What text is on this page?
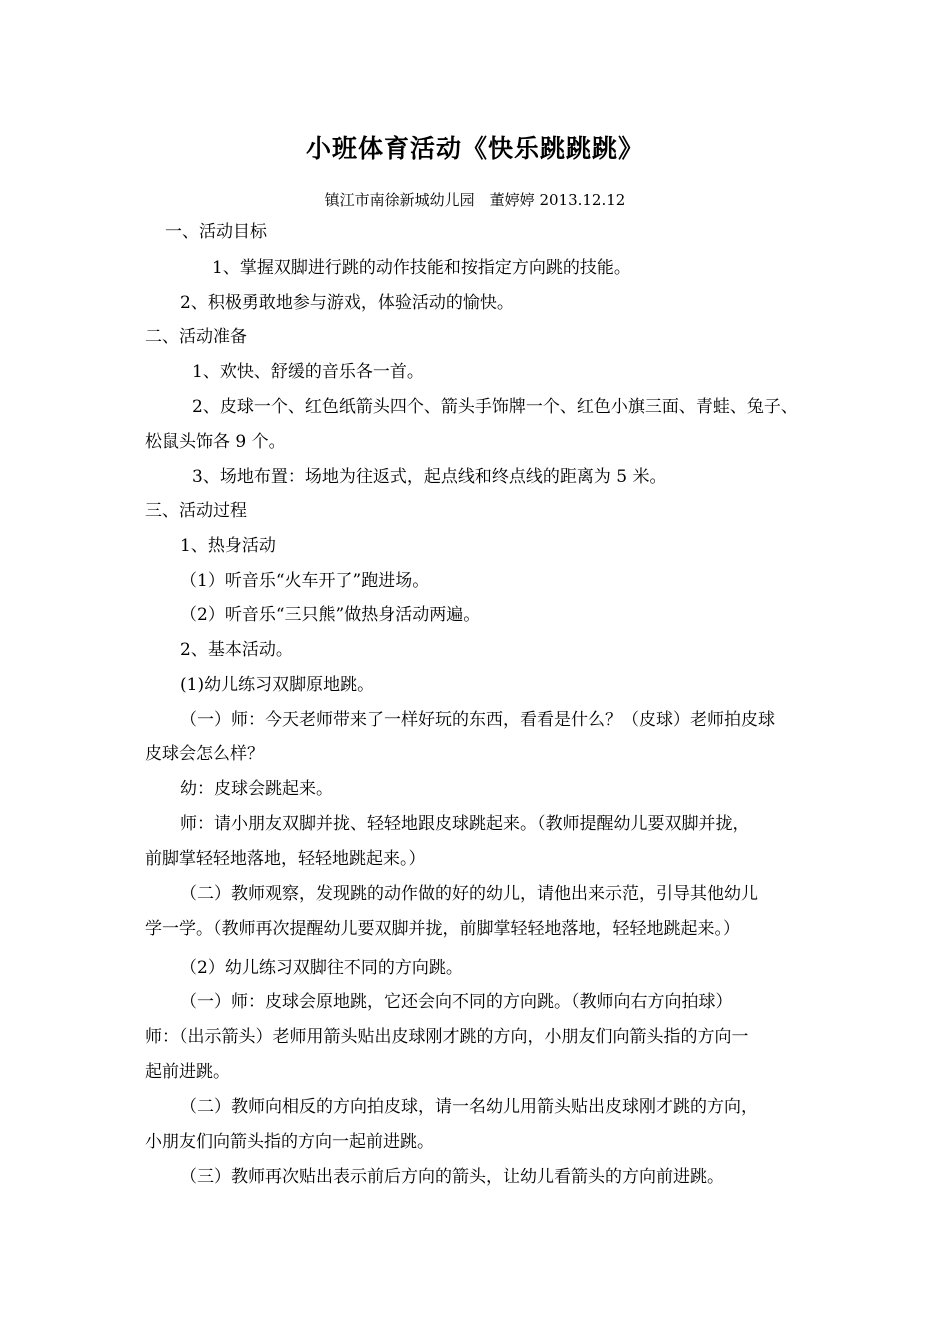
小班体育活动《快乐跳跳跳》
镇江市南徐新城幼儿园　董婷婷 2013.12.12
一、活动目标
1、掌握双脚进行跳的动作技能和按指定方向跳的技能。
2、积极勇敢地参与游戏，体验活动的愉快。
二、活动准备
1、欢快、舒缓的音乐各一首。
2、皮球一个、红色纸箭头四个、箭头手饰牌一个、红色小旗三面、青蛙、兔子、
松鼠头饰各 9 个。
3、场地布置：场地为往返式，起点线和终点线的距离为 5 米。
三、活动过程
1、热身活动
（1）听音乐“火车开了”跑进场。
（2）听音乐“三只熊”做热身活动两遍。
2、基本活动。
(1)幼儿练习双脚原地跳。
（一）师：今天老师带来了一样好玩的东西，看看是什么？（皮球）老师拍皮球
皮球会怎么样？
幼：皮球会跳起来。
师：请小朋友双脚并拢、轻轻地跟皮球跳起来。（教师提醒幼儿要双脚并拢，
前脚掌轻轻地落地，轻轻地跳起来。）
（二）教师观察，发现跳的动作做的好的幼儿，请他出来示范，引导其他幼儿
学一学。（教师再次提醒幼儿要双脚并拢，前脚掌轻轻地落地，轻轻地跳起来。）
（2）幼儿练习双脚往不同的方向跳。
（一）师：皮球会原地跳，它还会向不同的方向跳。（教师向右方向拍球）
师：（出示箭头）老师用箭头贴出皮球刚才跳的方向，小朋友们向箭头指的方向一
起前进跳。
（二）教师向相反的方向拍皮球，请一名幼儿用箭头贴出皮球刚才跳的方向，
小朋友们向箭头指的方向一起前进跳。
（三）教师再次贴出表示前后方向的箭头，让幼儿看箭头的方向前进跳。
